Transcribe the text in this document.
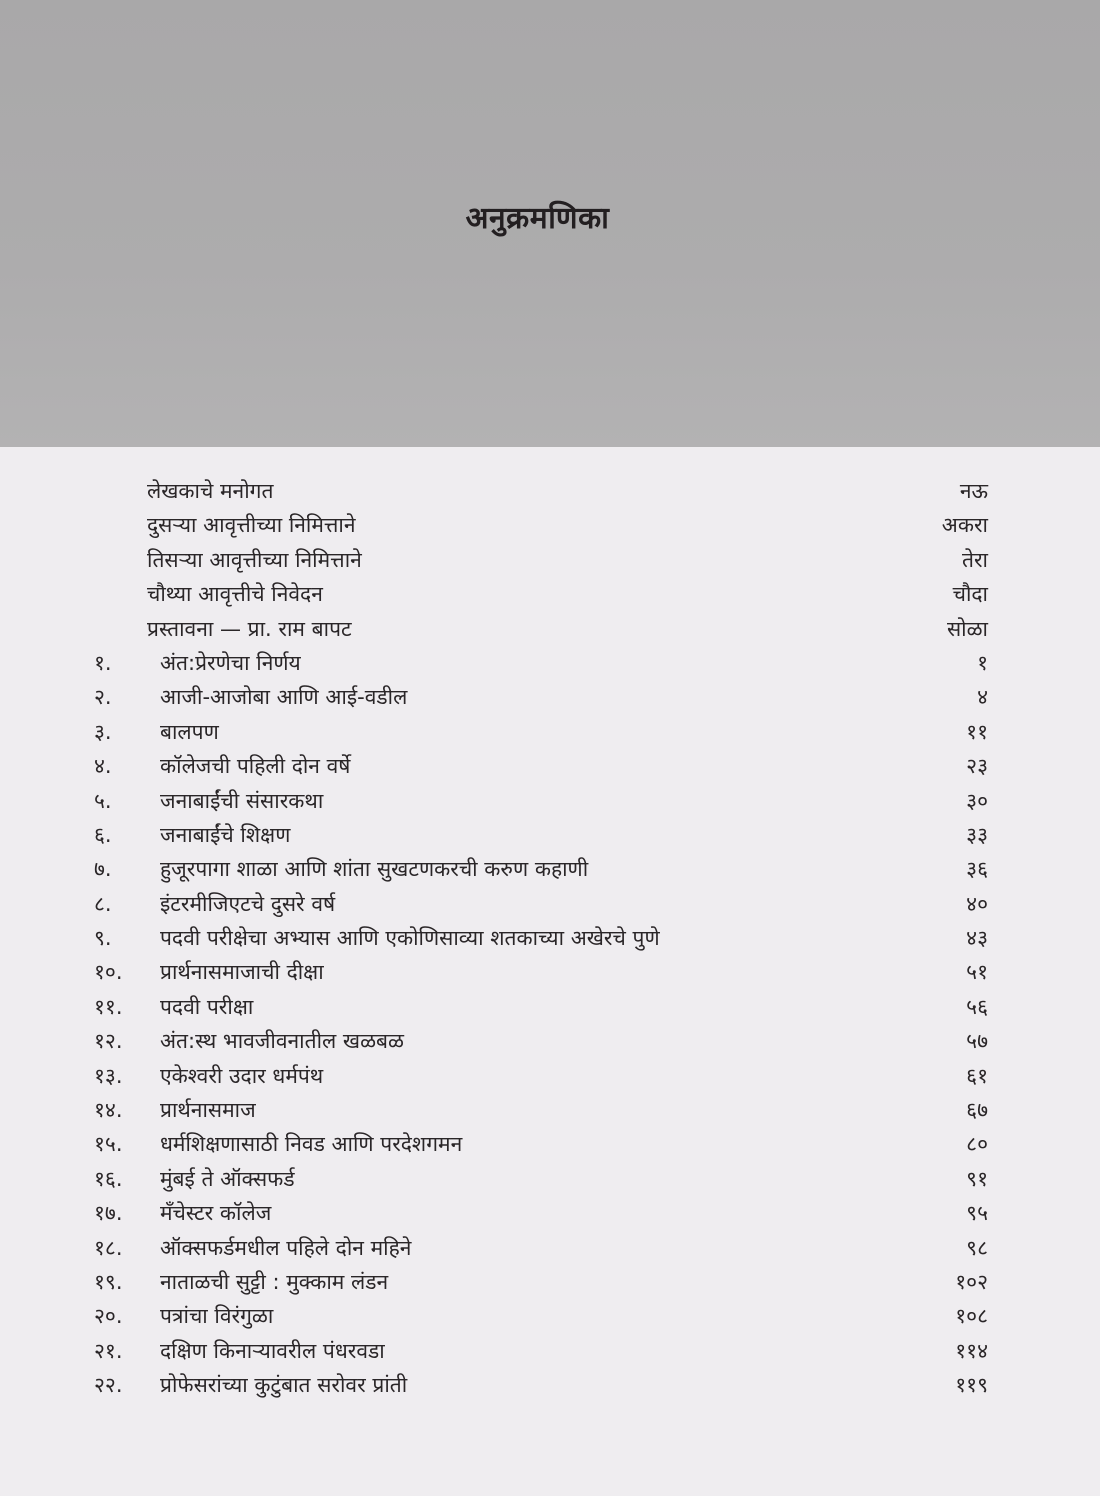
अनुक्रमणिका
लेखकाचे मनोगत	नऊ
दुसऱ्या आवृत्तीच्या निमित्ताने	अकरा
तिसऱ्या आवृत्तीच्या निमित्ताने	तेरा
चौथ्या आवृत्तीचे निवेदन	चौदा
प्रस्तावना — प्रा. राम बापट	सोळा
१.	अंत:प्रेरणेचा निर्णय	१
२.	आजी-आजोबा आणि आई-वडील	४
३.	बालपण	११
४.	कॉलेजची पहिली दोन वर्षे	२३
५.	जनाबाईंची संसारकथा	३०
६.	जनाबाईंचे शिक्षण	३३
७.	हुजूरपागा शाळा आणि शांता सुखटणकरची करुण कहाणी	३६
८.	इंटरमीजिएटचे दुसरे वर्ष	४०
९.	पदवी परीक्षेचा अभ्यास आणि एकोणिसाव्या शतकाच्या अखेरचे पुणे	४३
१०.	प्रार्थनासमाजाची दीक्षा	५१
११.	पदवी परीक्षा	५६
१२.	अंत:स्थ भावजीवनातील खळबळ	५७
१३.	एकेश्वरी उदार धर्मपंथ	६१
१४.	प्रार्थनासमाज	६७
१५.	धर्मशिक्षणासाठी निवड आणि परदेशगमन	८०
१६.	मुंबई ते ऑक्सफर्ड	९१
१७.	मँचेस्टर कॉलेज	९५
१८.	ऑक्सफर्डमधील पहिले दोन महिने	९८
१९.	नाताळची सुट्टी : मुक्काम लंडन	१०२
२०.	पत्रांचा विरंगुळा	१०८
२१.	दक्षिण किनाऱ्यावरील पंधरवडा	११४
२२.	प्रोफेसरांच्या कुटुंबात सरोवर प्रांती	११९
